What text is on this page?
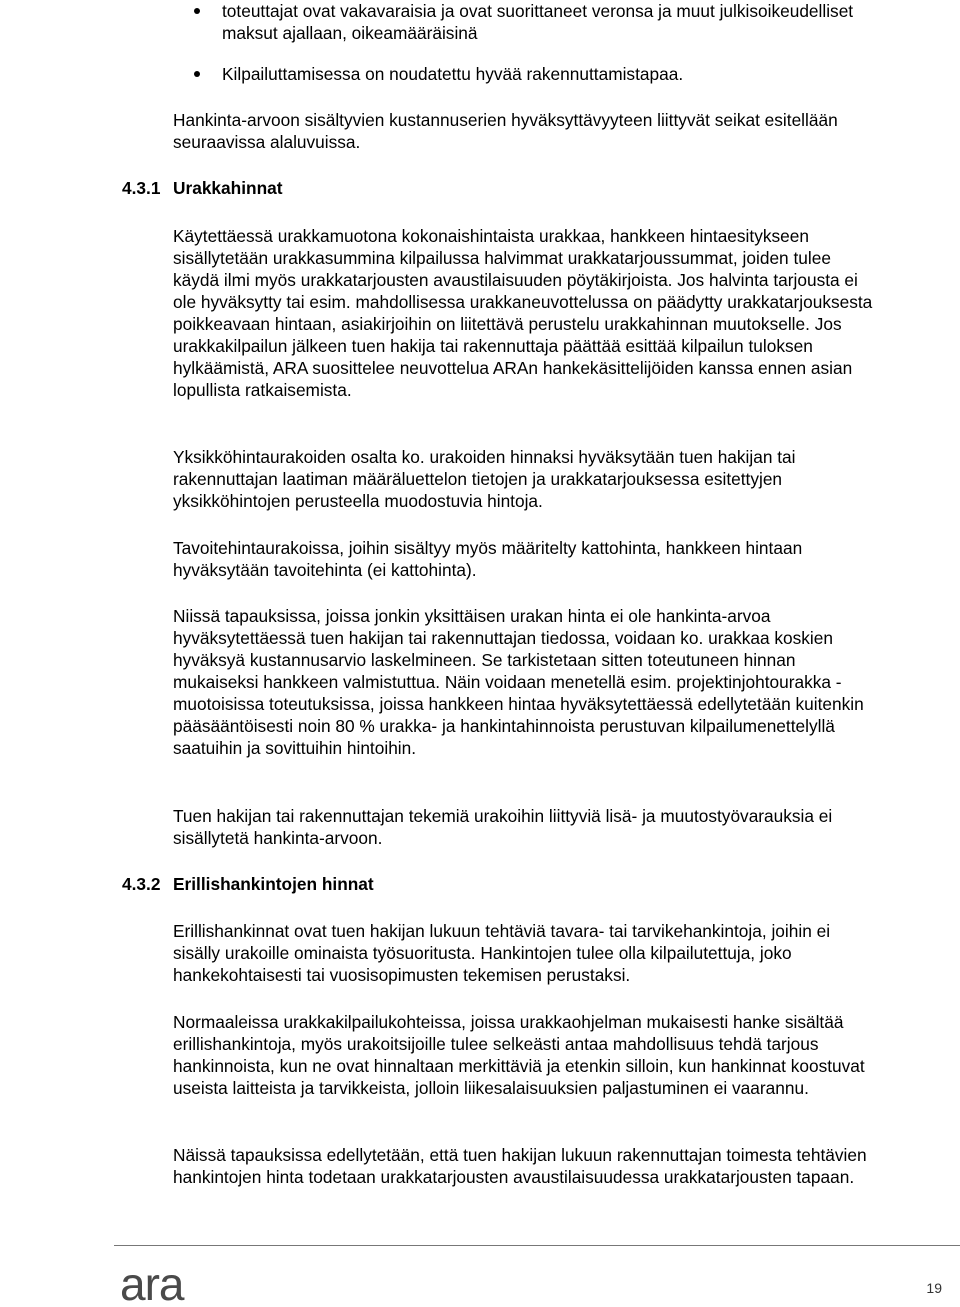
toteuttajat ovat vakavaraisia ja ovat suorittaneet veronsa ja muut julkisoikeudelliset maksut ajallaan, oikeamääräisinä
Kilpailuttamisessa on noudatettu hyvää rakennuttamistapaa.

Hankinta-arvoon sisältyvien kustannuserien hyväksyttävyyteen liittyvät seikat esitellään seuraavissa alaluvuissa.

4.3.1 Urakkahinnat

Käytettäessä urakkamuotona kokonaishintaista urakkaa, hankkeen hintaesitykseen sisällytetään urakkasummina kilpailussa halvimmat urakkatarjoussummat, joiden tulee käydä ilmi myös urakkatarjousten avaustilaisuuden pöytäkirjoista. Jos halvinta tarjousta ei ole hyväksytty tai esim. mahdollisessa urakkaneuvottelussa on päädytty urakkatarjouksesta poikkeavaan hintaan, asiakirjoihin on liitettävä perustelu urakkahinnan muutokselle. Jos urakkakilpailun jälkeen tuen hakija tai rakennuttaja päättää esittää kilpailun tuloksen hylkäämistä, ARA suosittelee neuvottelua ARAn hankekäsittelijöiden kanssa ennen asian lopullista ratkaisemista.

Yksikköhintaurakoiden osalta ko. urakoiden hinnaksi hyväksytään tuen hakijan tai rakennuttajan laatiman määräluettelon tietojen ja urakkatarjouksessa esitettyjen yksikköhintojen perusteella muodostuvia hintoja.

Tavoitehintaurakoissa, joihin sisältyy myös määritelty kattohinta, hankkeen hintaan hyväksytään tavoitehinta (ei kattohinta).

Niissä tapauksissa, joissa jonkin yksittäisen urakan hinta ei ole hankinta-arvoa hyväksytettäessä tuen hakijan tai rakennuttajan tiedossa, voidaan ko. urakkaa koskien hyväksyä kustannusarvio laskelmineen. Se tarkistetaan sitten toteutuneen hinnan mukaiseksi hankkeen valmistuttua. Näin voidaan menetellä esim. projektinjohtourakka -muotoisissa toteutuksissa, joissa hankkeen hintaa hyväksytettäessä edellytetään kuitenkin pääsääntöisesti noin 80 % urakka- ja hankintahinnoista perustuvan kilpailumenettelyllä saatuihin ja sovittuihin hintoihin.

Tuen hakijan tai rakennuttajan tekemiä urakoihin liittyviä lisä- ja muutostyövarauksia ei sisällytetä hankinta-arvoon.

4.3.2 Erillishankintojen hinnat

Erillishankinnat ovat tuen hakijan lukuun tehtäviä tavara- tai tarvikehankintoja, joihin ei sisälly urakoille ominaista työsuoritusta. Hankintojen tulee olla kilpailutettuja, joko hankekohtaisesti tai vuosisopimusten tekemisen perustaksi.

Normaaleissa urakkakilpailukohteissa, joissa urakkaohjelman mukaisesti hanke sisältää erillishankintoja, myös urakoitsijoille tulee selkeästi antaa mahdollisuus tehdä tarjous hankinnoista, kun ne ovat hinnaltaan merkittäviä ja etenkin silloin, kun hankinnat koostuvat useista laitteista ja tarvikkeista, jolloin liikesalaisuuksien paljastuminen ei vaarannu.

Näissä tapauksissa edellytetään, että tuen hakijan lukuun rakennuttajan toimesta tehtävien hankintojen hinta todetaan urakkatarjousten avaustilaisuudessa urakkatarjousten tapaan.

ara	19
